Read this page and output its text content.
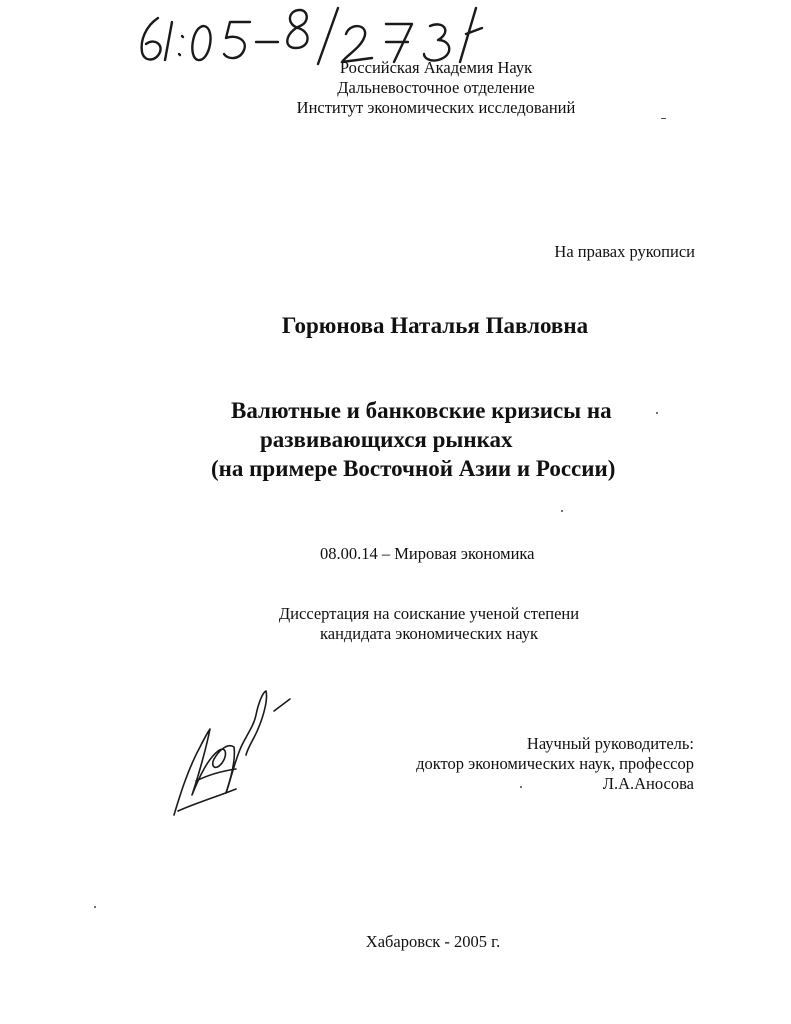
Российская Академия Наук
Дальневосточное отделение
Институт экономических исследований
На правах рукописи
Горюнова Наталья Павловна
Валютные и банковские кризисы на
развивающихся рынках
(на примере Восточной Азии и России)
08.00.14 – Мировая экономика
Диссертация на соискание ученой степени
кандидата экономических наук
Научный руководитель:
доктор экономических наук, профессор
Л.А.Аносова
Хабаровск - 2005 г.
